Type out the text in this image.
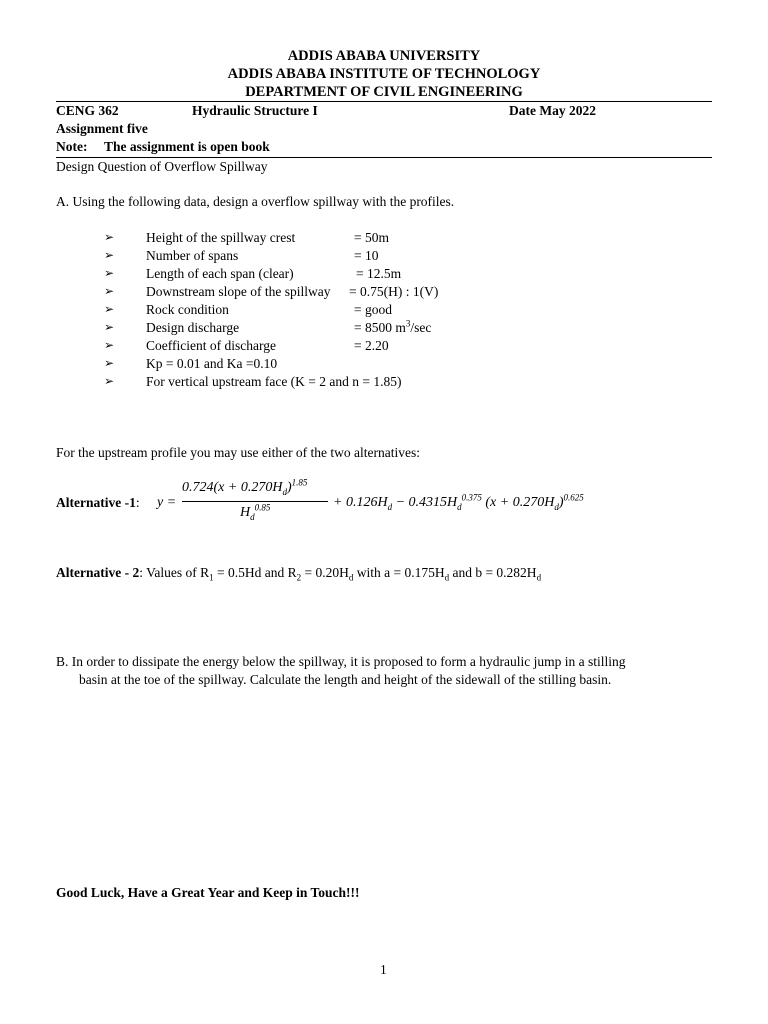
ADDIS ABABA UNIVERSITY
ADDIS ABABA INSTITUTE OF TECHNOLOGY
DEPARTMENT OF CIVIL ENGINEERING
CENG 362	Hydraulic Structure I	Date May 2022
Assignment five
Note: The assignment is open book
Design Question of Overflow Spillway
A. Using the following data, design a overflow spillway with the profiles.
➢ Height of the spillway crest	= 50m
➢ Number of spans	= 10
➢ Length of each span (clear)	= 12.5m
➢ Downstream slope of the spillway = 0.75(H) : 1(V)
➢ Rock condition	= good
➢ Design discharge	= 8500 $m^3/\sec$
➢ Coefficient of discharge	= 2.20
➢ Kp = 0.01 and Ka =0.10
➢ For vertical upstream face (K = 2 and n = 1.85)
For the upstream profile you may use either of the two alternatives:
Alternative -1: y =
$0.724(x + 0.270H_d)^{1.85}$
$H_d^{0.85}$	+ $0.126H_d - 0.4315H_d^{0.375}$ $(x + 0.270H_d)^{0.625}$
Alternative - 2: Values of $R_1 = 0.5Hd$ and $R_2 = 0.20H_d$ with $a = 0.175H_d$ and $b = 0.282H_d$
B. In order to dissipate the energy below the spillway, it is proposed to form a hydraulic jump in a stilling
basin at the toe of the spillway. Calculate the length and height of the sidewall of the stilling basin.
Good Luck, Have a Great Year and Keep in Touch!!!
1
